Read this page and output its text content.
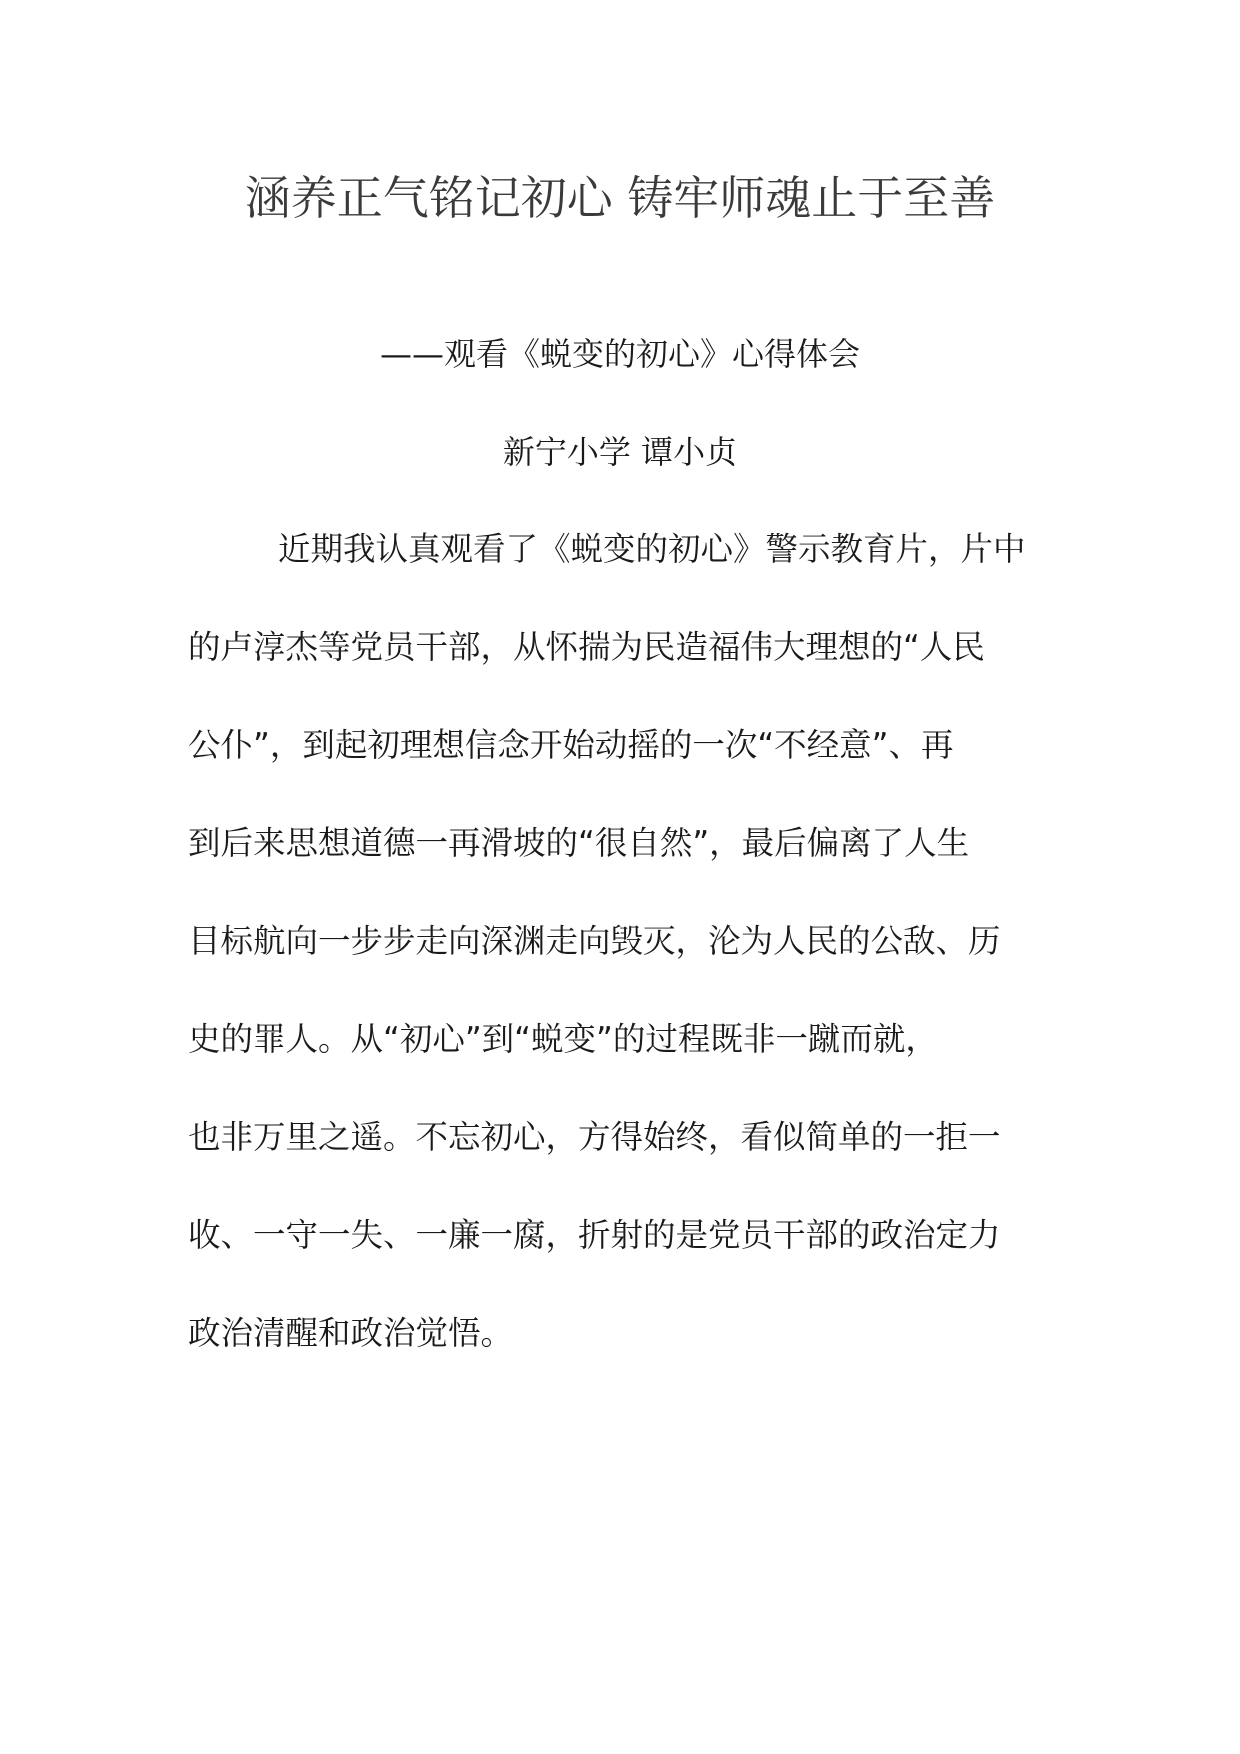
涵养正气铭记初心 铸牢师魂止于至善
——观看《蜕变的初心》心得体会
新宁小学 谭小贞
近期我认真观看了《蜕变的初心》警示教育片，片中
的卢淳杰等党员干部，从怀揣为民造福伟大理想的“人民
公仆”，到起初理想信念开始动摇的一次“不经意”、再
到后来思想道德一再滑坡的“很自然”，最后偏离了人生
目标航向一步步走向深渊走向毁灭，沦为人民的公敌、历
史的罪人。从“初心”到“蜕变”的过程既非一蹴而就，
也非万里之遥。不忘初心，方得始终，看似简单的一拒一
收、一守一失、一廉一腐，折射的是党员干部的政治定力
政治清醒和政治觉悟。
